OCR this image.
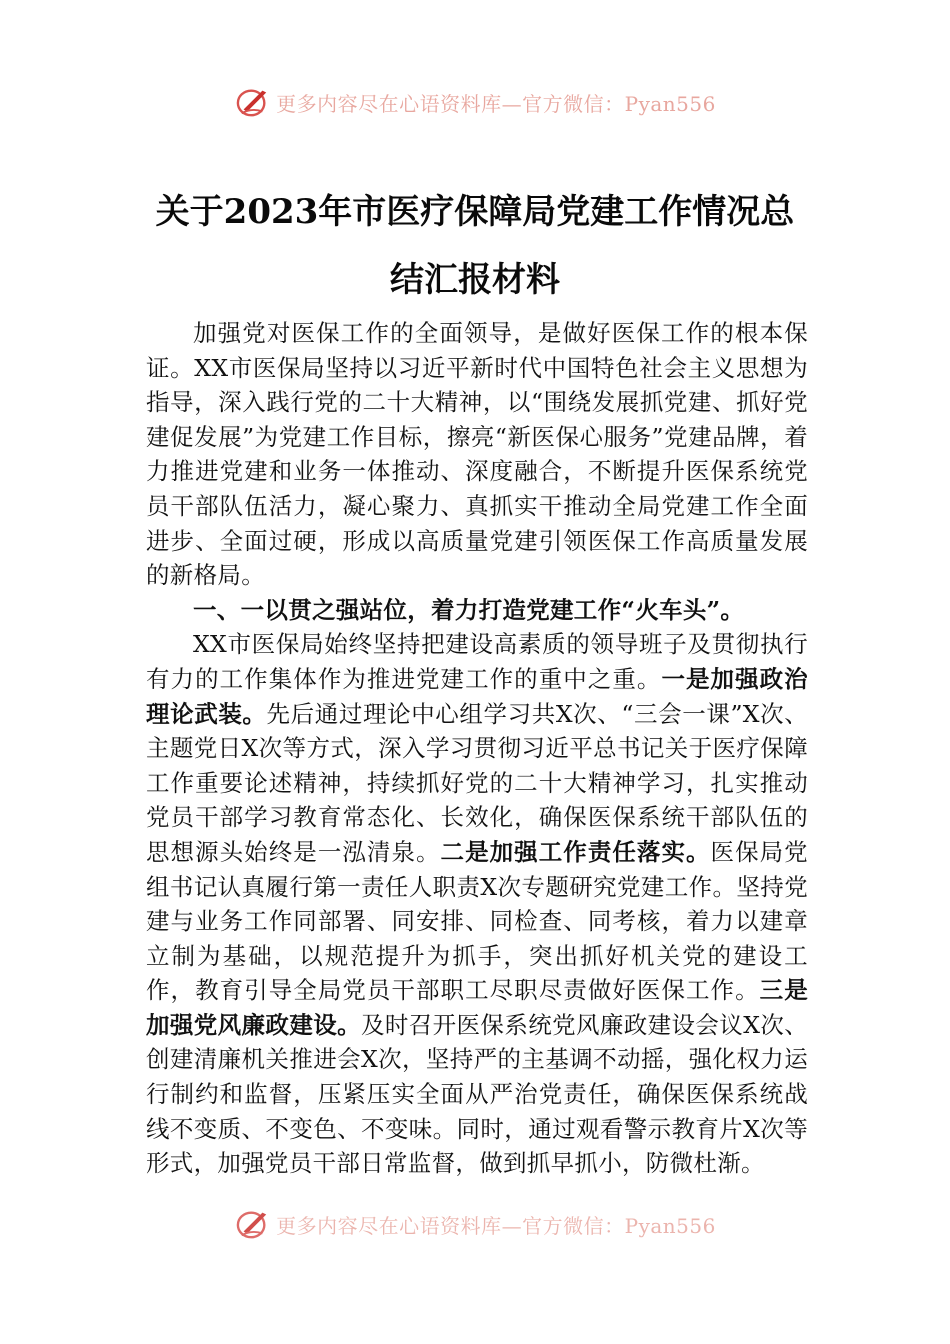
更多内容尽在心语资料库—官方微信：Pyan556
关于2023年市医疗保障局党建工作情况总
结汇报材料

加强党对医保工作的全面领导，是做好医保工作的根本保证。XX市医保局坚持以习近平新时代中国特色社会主义思想为指导，深入践行党的二十大精神，以“围绕发展抓党建、抓好党建促发展”为党建工作目标，擦亮“新医保心服务”党建品牌，着力推进党建和业务一体推动、深度融合，不断提升医保系统党员干部队伍活力，凝心聚力、真抓实干推动全局党建工作全面进步、全面过硬，形成以高质量党建引领医保工作高质量发展的新格局。

一、一以贯之强站位，着力打造党建工作“火车头”。

XX市医保局始终坚持把建设高素质的领导班子及贯彻执行有力的工作集体作为推进党建工作的重中之重。一是加强政治理论武装。先后通过理论中心组学习共X次、“三会一课”X次、主题党日X次等方式，深入学习贯彻习近平总书记关于医疗保障工作重要论述精神，持续抓好党的二十大精神学习，扎实推动党员干部学习教育常态化、长效化，确保医保系统干部队伍的思想源头始终是一泓清泉。二是加强工作责任落实。医保局党组书记认真履行第一责任人职责X次专题研究党建工作。坚持党建与业务工作同部署、同安排、同检查、同考核，着力以建章立制为基础，以规范提升为抓手，突出抓好机关党的建设工作，教育引导全局党员干部职工尽职尽责做好医保工作。三是加强党风廉政建设。及时召开医保系统党风廉政建设会议X次、创建清廉机关推进会X次，坚持严的主基调不动摇，强化权力运行制约和监督，压紧压实全面从严治党责任，确保医保系统战线不变质、不变色、不变味。同时，通过观看警示教育片X次等形式，加强党员干部日常监督，做到抓早抓小，防微杜渐。

更多内容尽在心语资料库—官方微信：Pyan556
